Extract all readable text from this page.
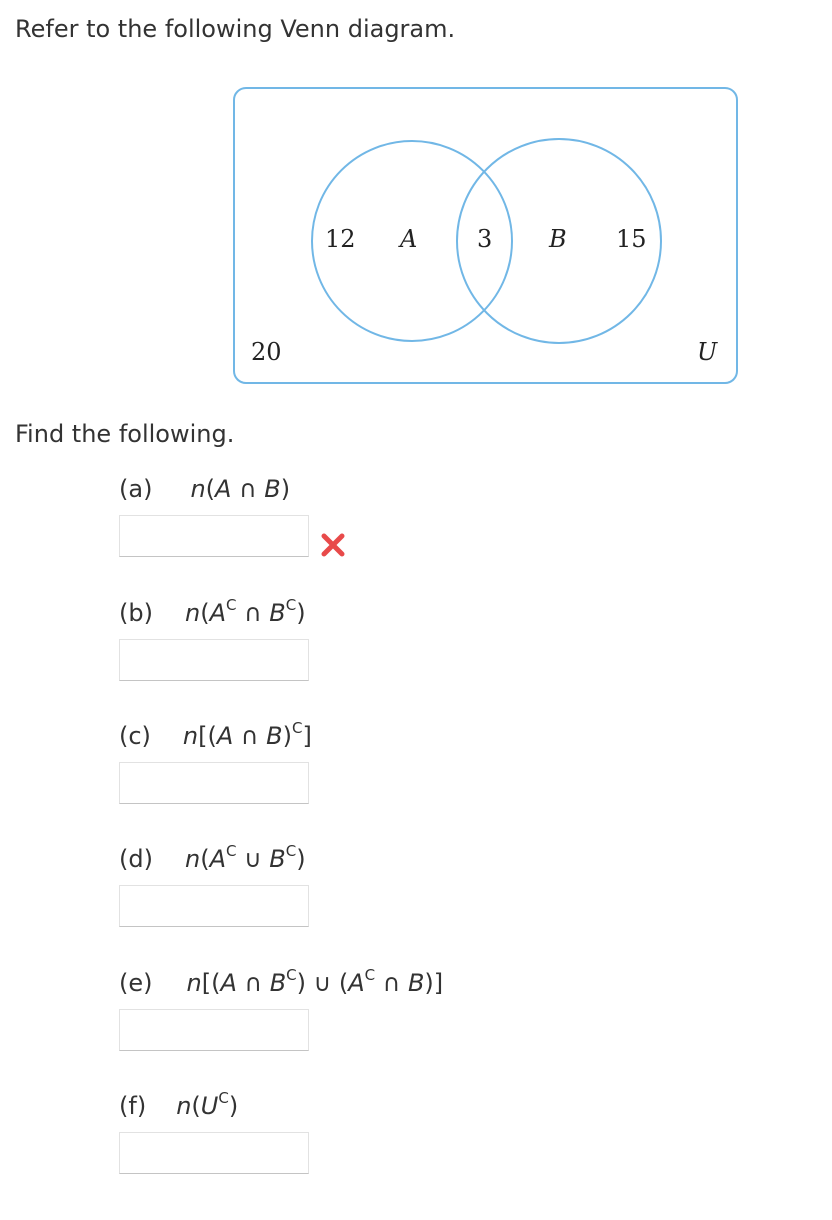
Refer to the following Venn diagram.
12 A 3 B 15
20	U
Find the following.
(a) n(A ∩ B)
(b) $n(A^C$ ∩ $B^C$)
(c) n[(A ∩ B)$^C$]
(d) $n(A^C$ ∪ $B^C$)
(e) n[(A ∩ $B^C$) ∪ ($A^C$ ∩ B)]
(f) $n(U^C)$
